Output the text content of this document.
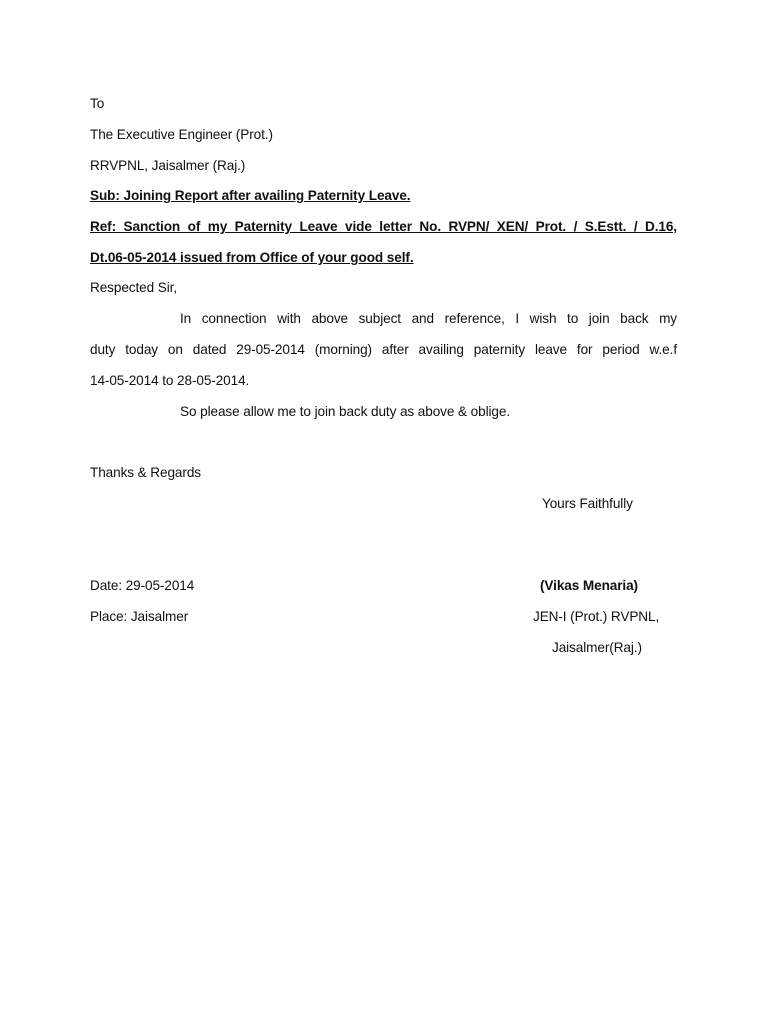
To
The Executive Engineer (Prot.)
RRVPNL, Jaisalmer (Raj.)
Sub: Joining Report after availing Paternity Leave.
Ref: Sanction of my Paternity Leave vide letter No. RVPN/ XEN/ Prot. / S.Estt. / D.16,
Dt.06-05-2014 issued from Office of your good self.
Respected Sir,
In connection with above subject and reference, I wish to join back my
duty today on dated 29-05-2014 (morning) after availing paternity leave for period w.e.f
14-05-2014 to 28-05-2014.
So please allow me to join back duty as above & oblige.
Thanks & Regards
Yours Faithfully
Date: 29-05-2014	(Vikas Menaria)
Place: Jaisalmer	JEN-I (Prot.) RVPNL,
Jaisalmer(Raj.)
